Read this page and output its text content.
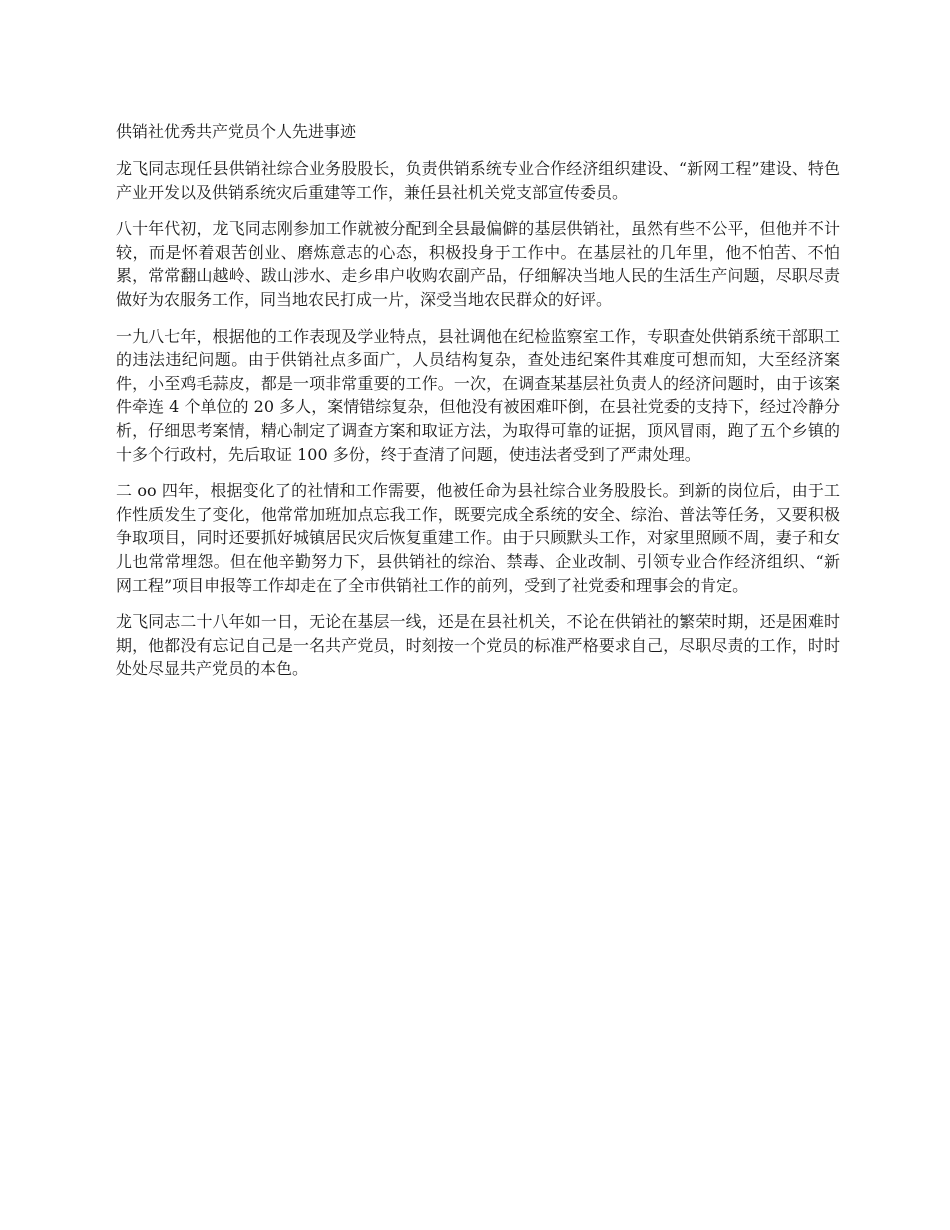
供销社优秀共产党员个人先进事迹

龙飞同志现任县供销社综合业务股股长，负责供销系统专业合作经济组织建设、“新网工程”建设、特色产业开发以及供销系统灾后重建等工作，兼任县社机关党支部宣传委员。

八十年代初，龙飞同志刚参加工作就被分配到全县最偏僻的基层供销社，虽然有些不公平，但他并不计较，而是怀着艰苦创业、磨炼意志的心态，积极投身于工作中。在基层社的几年里，他不怕苦、不怕累，常常翻山越岭、跋山涉水、走乡串户收购农副产品，仔细解决当地人民的生活生产问题，尽职尽责做好为农服务工作，同当地农民打成一片，深受当地农民群众的好评。

一九八七年，根据他的工作表现及学业特点，县社调他在纪检监察室工作，专职查处供销系统干部职工的违法违纪问题。由于供销社点多面广，人员结构复杂，查处违纪案件其难度可想而知，大至经济案件，小至鸡毛蒜皮，都是一项非常重要的工作。一次，在调查某基层社负责人的经济问题时，由于该案件牵连 4 个单位的 20 多人，案情错综复杂，但他没有被困难吓倒，在县社党委的支持下，经过冷静分析，仔细思考案情，精心制定了调查方案和取证方法，为取得可靠的证据，顶风冒雨，跑了五个乡镇的十多个行政村，先后取证 100 多份，终于查清了问题，使违法者受到了严肃处理。

二 oo 四年，根据变化了的社情和工作需要，他被任命为县社综合业务股股长。到新的岗位后，由于工作性质发生了变化，他常常加班加点忘我工作，既要完成全系统的安全、综治、普法等任务，又要积极争取项目，同时还要抓好城镇居民灾后恢复重建工作。由于只顾默头工作，对家里照顾不周，妻子和女儿也常常埋怨。但在他辛勤努力下，县供销社的综治、禁毒、企业改制、引领专业合作经济组织、“新网工程”项目申报等工作却走在了全市供销社工作的前列，受到了社党委和理事会的肯定。

龙飞同志二十八年如一日，无论在基层一线，还是在县社机关，不论在供销社的繁荣时期，还是困难时期，他都没有忘记自己是一名共产党员，时刻按一个党员的标准严格要求自己，尽职尽责的工作，时时处处尽显共产党员的本色。
